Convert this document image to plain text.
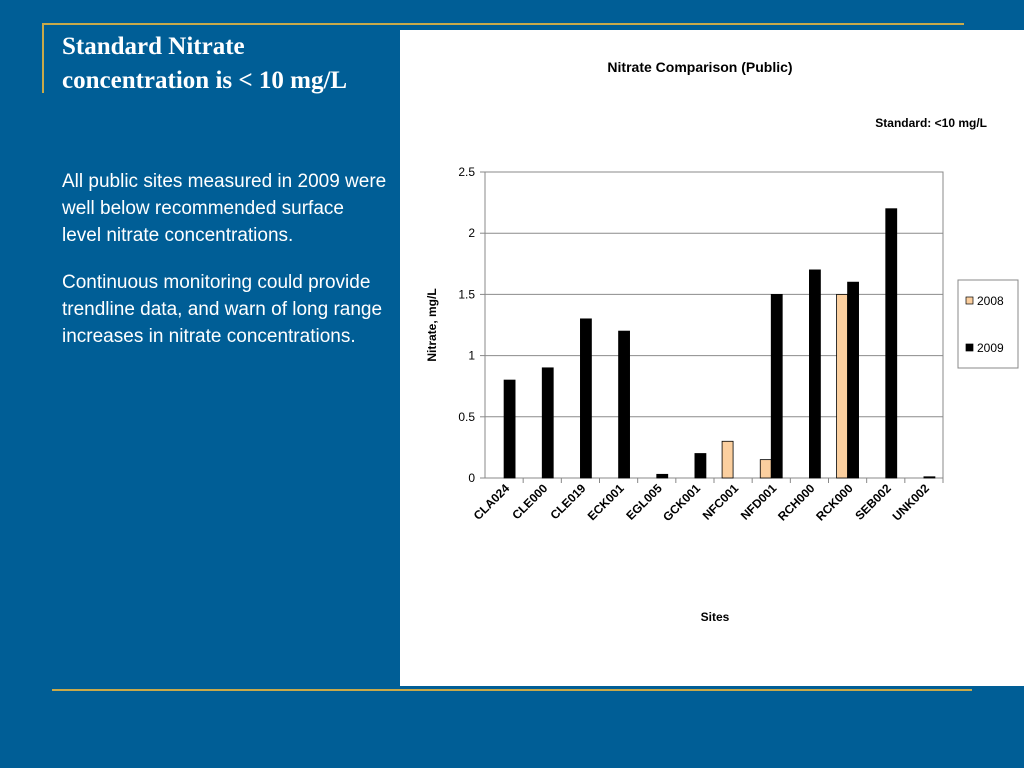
Standard Nitrate concentration is < 10 mg/L

All public sites measured in 2009 were well below recommended surface level nitrate concentrations.

Continuous monitoring could provide trendline data, and warn of long range increases in nitrate concentrations.

Nitrate Comparison (Public)
Standard: <10 mg/L
0
0.5
1
1.5
2
2.5
CLA024
CLE000
CLE019
ECK001
EGL005
GCK001
NFC001
NFD001
RCH000
RCK000
SEB002
UNK002
Nitrate, mg/L
Sites
2008
2009
